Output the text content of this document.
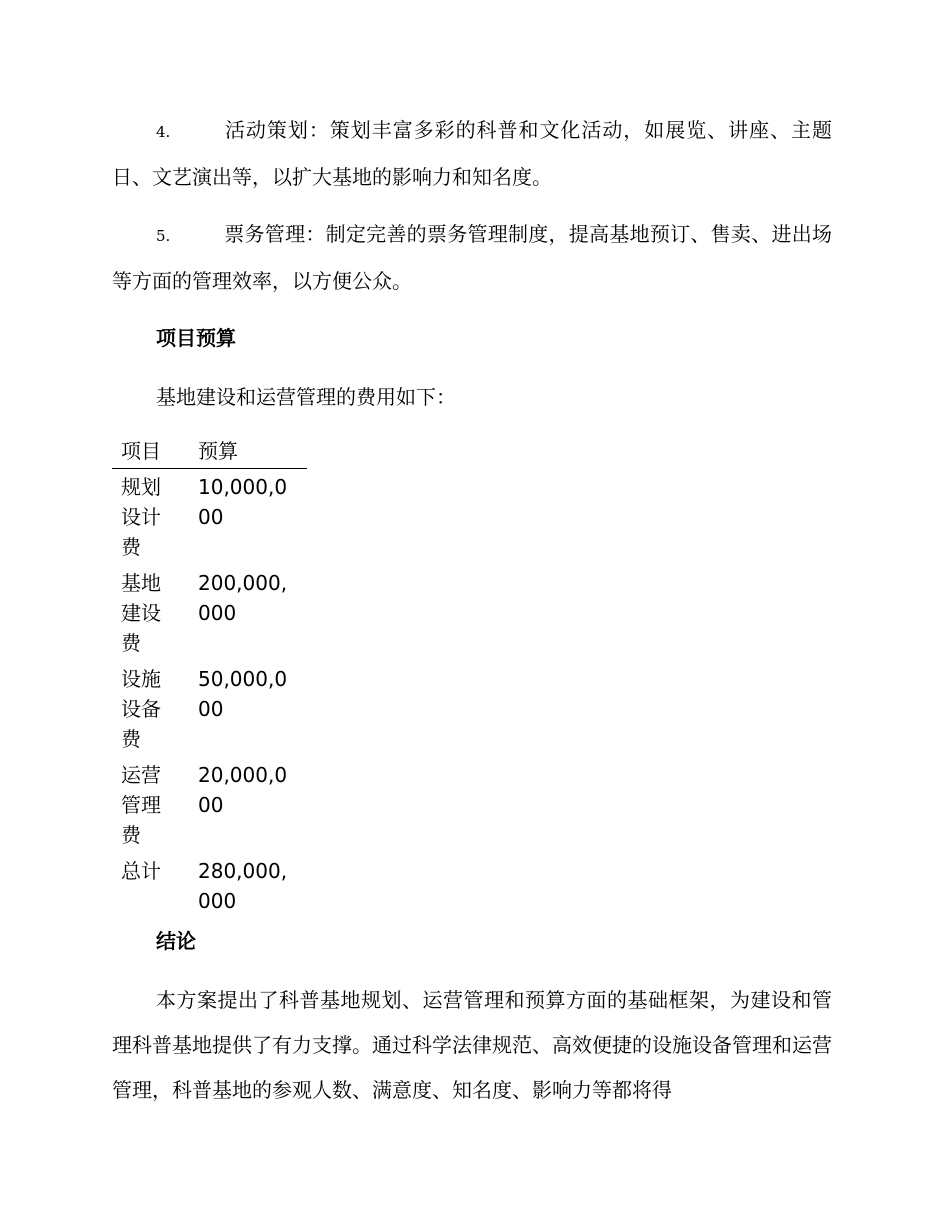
4.	活动策划：策划丰富多彩的科普和文化活动，如展览、讲座、主题日、文艺演出等，以扩大基地的影响力和知名度。

5.	票务管理：制定完善的票务管理制度，提高基地预订、售卖、进出场等方面的管理效率，以方便公众。

项目预算

基地建设和运营管理的费用如下：

项目	预算
规划设计费	10,000,000
基地建设费	200,000,000
设施设备费	50,000,000
运营管理费	20,000,000
总计	280,000,000
结论

本方案提出了科普基地规划、运营管理和预算方面的基础框架，为建设和管理科普基地提供了有力支撑。通过科学法律规范、高效便捷的设施设备管理和运营管理，科普基地的参观人数、满意度、知名度、影响力等都将得
